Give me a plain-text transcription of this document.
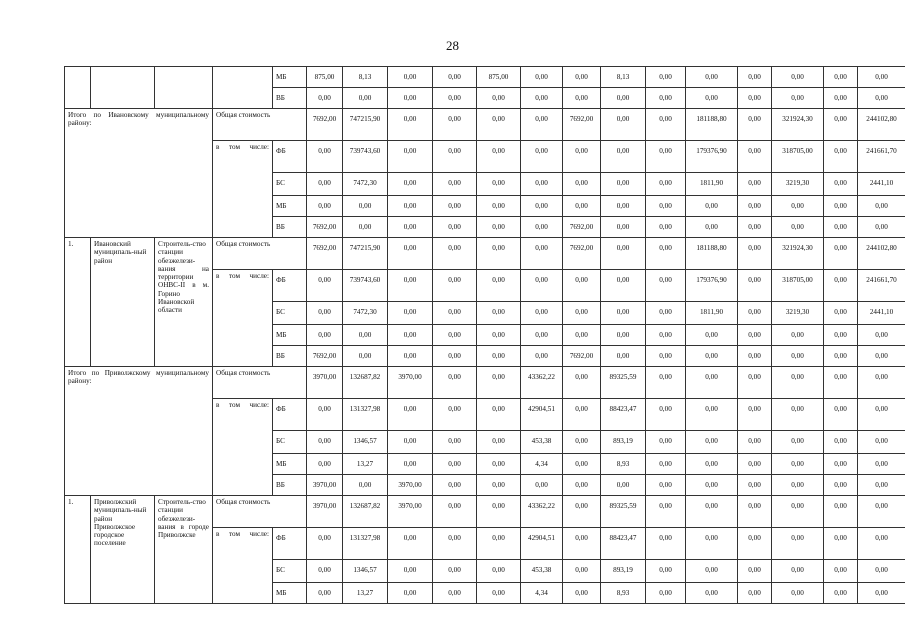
28
				МБ	875,00	8,13	0,00	0,00	875,00	0,00	0,00	8,13	0,00	0,00	0,00	0,00	0,00	0,00
				ВБ	0,00	0,00	0,00	0,00	0,00	0,00	0,00	0,00	0,00	0,00	0,00	0,00	0,00	0,00
Итого по Ивановскому муниципальному району:			Общая стоимость		7692,00	747215,90	0,00	0,00	0,00	0,00	7692,00	0,00	0,00	181188,80	0,00	321924,30	0,00	244102,80
			в том числе:	ФБ	0,00	739743,60	0,00	0,00	0,00	0,00	0,00	0,00	0,00	179376,90	0,00	318705,00	0,00	241661,70
				БС	0,00	7472,30	0,00	0,00	0,00	0,00	0,00	0,00	0,00	1811,90	0,00	3219,30	0,00	2441,10
				МБ	0,00	0,00	0,00	0,00	0,00	0,00	0,00	0,00	0,00	0,00	0,00	0,00	0,00	0,00
				ВБ	7692,00	0,00	0,00	0,00	0,00	0,00	7692,00	0,00	0,00	0,00	0,00	0,00	0,00	0,00
1.	Ивановский муниципаль-ный район	Строитель-ство станции обезжелези-вания на территории ОНВС-II в м. Горино Ивановской области	Общая стоимость		7692,00	747215,90	0,00	0,00	0,00	0,00	7692,00	0,00	0,00	181188,80	0,00	321924,30	0,00	244102,80
			в том числе:	ФБ	0,00	739743,60	0,00	0,00	0,00	0,00	0,00	0,00	0,00	179376,90	0,00	318705,00	0,00	241661,70
				БС	0,00	7472,30	0,00	0,00	0,00	0,00	0,00	0,00	0,00	1811,90	0,00	3219,30	0,00	2441,10
				МБ	0,00	0,00	0,00	0,00	0,00	0,00	0,00	0,00	0,00	0,00	0,00	0,00	0,00	0,00
				ВБ	7692,00	0,00	0,00	0,00	0,00	0,00	7692,00	0,00	0,00	0,00	0,00	0,00	0,00	0,00
Итого по Приволжскому муниципальному району:			Общая стоимость		3970,00	132687,82	3970,00	0,00	0,00	43362,22	0,00	89325,59	0,00	0,00	0,00	0,00	0,00	0,00
			в том числе:	ФБ	0,00	131327,98	0,00	0,00	0,00	42904,51	0,00	88423,47	0,00	0,00	0,00	0,00	0,00	0,00
				БС	0,00	1346,57	0,00	0,00	0,00	453,38	0,00	893,19	0,00	0,00	0,00	0,00	0,00	0,00
				МБ	0,00	13,27	0,00	0,00	0,00	4,34	0,00	8,93	0,00	0,00	0,00	0,00	0,00	0,00
				ВБ	3970,00	0,00	3970,00	0,00	0,00	0,00	0,00	0,00	0,00	0,00	0,00	0,00	0,00	0,00
1.	Приволжский муниципаль-ный район Приволжское городское поселение	Строитель-ство станции обезжелези-вания в городе Приволжске	Общая стоимость		3970,00	132687,82	3970,00	0,00	0,00	43362,22	0,00	89325,59	0,00	0,00	0,00	0,00	0,00	0,00
			в том числе:	ФБ	0,00	131327,98	0,00	0,00	0,00	42904,51	0,00	88423,47	0,00	0,00	0,00	0,00	0,00	0,00
				БС	0,00	1346,57	0,00	0,00	0,00	453,38	0,00	893,19	0,00	0,00	0,00	0,00	0,00	0,00
				МБ	0,00	13,27	0,00	0,00	0,00	4,34	0,00	8,93	0,00	0,00	0,00	0,00	0,00	0,00
